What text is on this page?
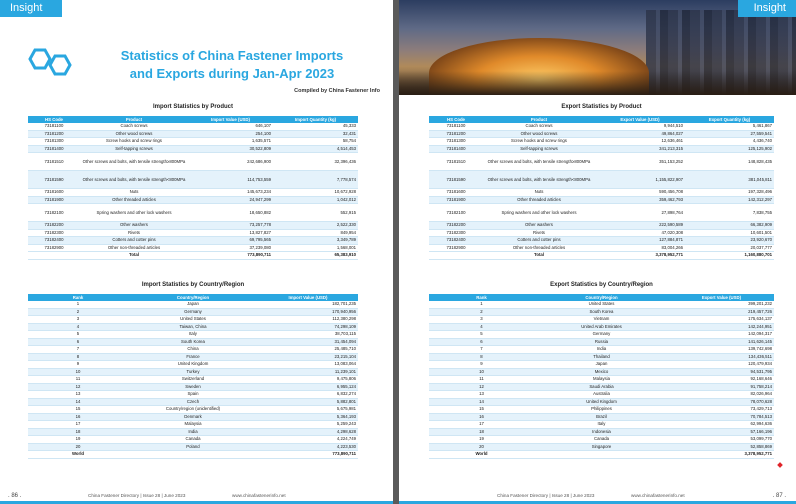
Insight
Statistics of China Fastener Imports
and Exports during Jan-Apr 2023
Compiled by China Fastener Info
Import Statistics by Product
HS Code	Product	Import Value (USD)	Import Quantity (kg)
73181100	Coach screws	646,107	45,333
73181200	Other wood screws	254,100	32,431
73181300	Screw hooks and screw rings	1,635,571	58,754
73181400	Self-tapping screws	30,522,809	4,514,453
73181510	Other screws and bolts, with tensile strength≥800MPa	242,686,900	32,396,436
73181590	Other screws and bolts, with tensile strength<800MPa	114,753,559	7,778,574
73181600	Nuts	145,673,234	10,672,928
73181900	Other threaded articles	24,947,299	1,042,012
73182100	Spring washers and other lock washers	18,650,882	552,915
73182200	Other washers	73,257,778	2,522,330
73182300	Rivets	13,827,827	849,954
73182400	Cotters and cotter pins	69,795,565	3,349,789
73182900	Other non-threaded articles	37,239,080	1,568,001
	Total	773,890,711	65,383,910
Import Statistics by Country/Region
Rank	Country/Region	Import Value (USD)
1	Japan	182,701,235
2	Germany	170,940,956
3	United States	112,380,298
4	Taiwan, China	74,298,109
5	Italy	38,703,115
6	South Korea	31,454,094
7	China	25,485,710
8	France	23,215,104
9	United Kingdom	13,083,064
10	Turkey	11,239,101
11	Switzerland	9,475,806
12	Sweden	6,955,124
13	Spain	6,832,274
14	Czech	5,882,801
15	Country/region (unidentified)	5,675,981
16	Denmark	5,364,193
17	Malaysia	5,259,243
18	India	4,298,628
19	Canada	4,224,749
20	Poland	4,223,530
World		773,890,711
. 86 .	China Fastener Directory | Issue 28 | June 2023	www.chinafastenerinfo.net
Insight
Export Statistics by Product
HS Code	Product	Export Value (USD)	Export Quantity (kg)
73181100	Coach screws	9,944,510	5,461,867
73181200	Other wood screws	49,864,027	27,559,541
73181300	Screw hooks and screw rings	12,636,461	4,436,740
73181400	Self-tapping screws	341,213,315	125,125,902
73181510	Other screws and bolts, with tensile strength≥800MPa	351,153,252	148,828,435
73181590	Other screws and bolts, with tensile strength<800MPa	1,155,822,907	381,045,811
73181600	Nuts	590,456,708	197,328,496
73181900	Other threaded articles	359,462,793	142,312,297
73182100	Spring washers and other lock washers	27,898,764	7,838,755
73182200	Other washers	222,590,589	66,382,909
73182300	Rivets	47,020,308	10,601,501
73182400	Cotters and cotter pins	127,884,871	23,920,670
73182900	Other non-threaded articles	83,004,266	20,037,777
	Total	3,378,952,771	1,160,880,701
Export Statistics by Country/Region
Rank	Country/Region	Export Value (USD)
1	United States	399,201,232
2	South Korea	219,457,726
3	Vietnam	175,634,137
4	United Arab Emirates	142,244,951
5	Germany	142,094,317
6	Russia	141,626,145
7	India	139,742,698
8	Thailand	134,436,511
9	Japan	120,479,934
10	Mexico	94,531,795
11	Malaysia	92,168,646
12	Saudi Arabia	91,758,214
13	Australia	82,026,964
14	United Kingdom	78,070,628
15	Philippines	73,429,713
16	Brazil	70,784,513
17	Italy	62,994,636
18	Indonesia	57,166,196
19	Canada	53,099,770
20	Singapore	52,858,869
World		3,378,952,771
China Fastener Directory | Issue 28 | June 2023	www.chinafastenerinfo.net	. 87 .
